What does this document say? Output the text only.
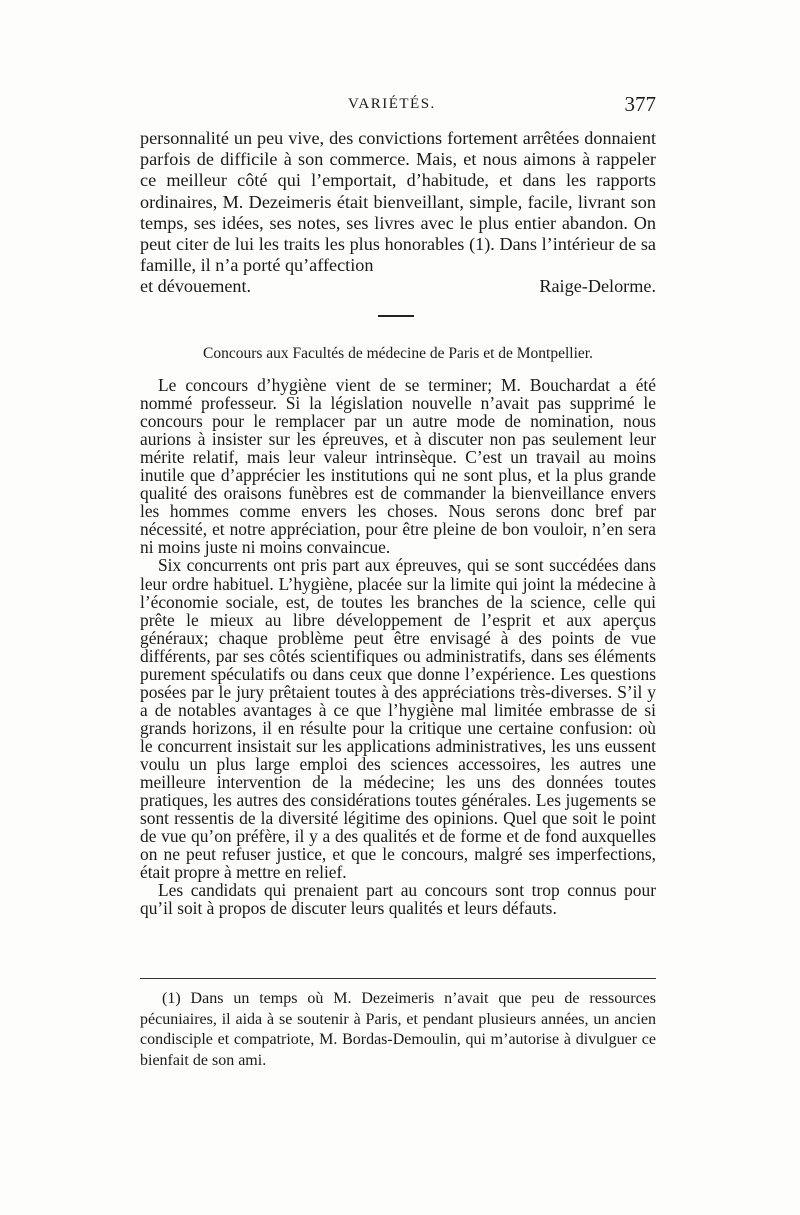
VARIÉTÉS.	377

personnalité un peu vive, des convictions fortement arrêtées donnaient parfois de difficile à son commerce. Mais, et nous aimons à rappeler ce meilleur côté qui l’emportait, d’habitude, et dans les rapports ordinaires, M. Dezeimeris était bienveillant, simple, facile, livrant son temps, ses idées, ses notes, ses livres avec le plus entier abandon. On peut citer de lui les traits les plus honorables (1). Dans l’intérieur de sa famille, il n’a porté qu’affection

et dévouement.	Raige-Delorme.
Concours aux Facultés de médecine de Paris et de Montpellier.

Le concours d’hygiène vient de se terminer; M. Bouchardat a été nommé professeur. Si la législation nouvelle n’avait pas supprimé le concours pour le remplacer par un autre mode de nomination, nous aurions à insister sur les épreuves, et à discuter non pas seulement leur mérite relatif, mais leur valeur intrinsèque. C’est un travail au moins inutile que d’apprécier les institutions qui ne sont plus, et la plus grande qualité des oraisons funèbres est de commander la bienveillance envers les hommes comme envers les choses. Nous serons donc bref par nécessité, et notre appréciation, pour être pleine de bon vouloir, n’en sera ni moins juste ni moins convaincue.

Six concurrents ont pris part aux épreuves, qui se sont succédées dans leur ordre habituel. L’hygiène, placée sur la limite qui joint la médecine à l’économie sociale, est, de toutes les branches de la science, celle qui prête le mieux au libre développement de l’esprit et aux aperçus généraux; chaque problème peut être envisagé à des points de vue différents, par ses côtés scientifiques ou administratifs, dans ses éléments purement spéculatifs ou dans ceux que donne l’expérience. Les questions posées par le jury prêtaient toutes à des appréciations très-diverses. S’il y a de notables avantages à ce que l’hygiène mal limitée embrasse de si grands horizons, il en résulte pour la critique une certaine confusion: où le concurrent insistait sur les applications administratives, les uns eussent voulu un plus large emploi des sciences accessoires, les autres une meilleure intervention de la médecine; les uns des données toutes pratiques, les autres des considérations toutes générales. Les jugements se sont ressentis de la diversité légitime des opinions. Quel que soit le point de vue qu’on préfère, il y a des qualités et de forme et de fond auxquelles on ne peut refuser justice, et que le concours, malgré ses imperfections, était propre à mettre en relief.

Les candidats qui prenaient part au concours sont trop connus pour qu’il soit à propos de discuter leurs qualités et leurs défauts.

(1) Dans un temps où M. Dezeimeris n’avait que peu de ressources pécuniaires, il aida à se soutenir à Paris, et pendant plusieurs années, un ancien condisciple et compatriote, M. Bordas-Demoulin, qui m’autorise à divulguer ce bienfait de son ami.
